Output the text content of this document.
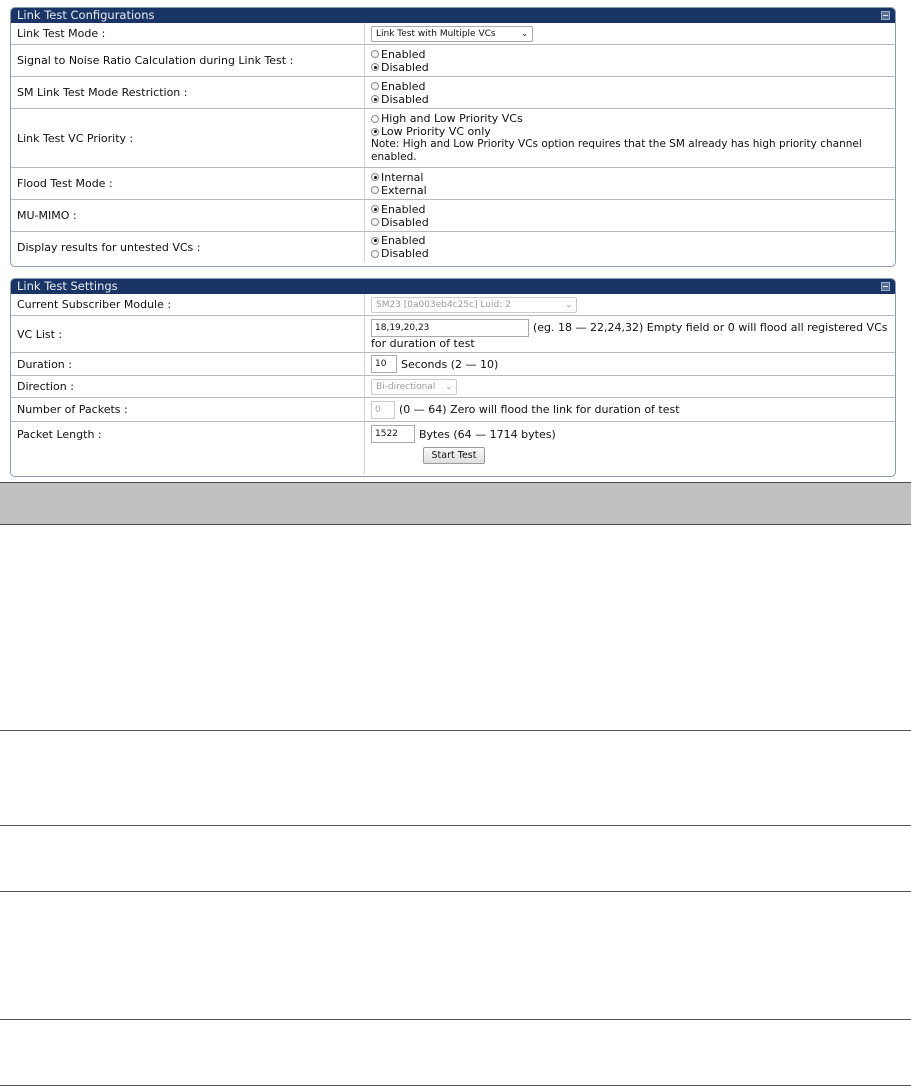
Link Test Configurations
Link Test Mode :	Link Test with Multiple VCs	⌄
Signal to Noise Ratio Calculation during Link Test :	Enabled
Disabled
SM Link Test Mode Restriction :	Enabled
Disabled
Link Test VC Priority :
High and Low Priority VCs
Low Priority VC only
Note: High and Low Priority VCs option requires that the SM already has high priority channel enabled.
Flood Test Mode :	Internal
External
MU-MIMO :	Enabled
Disabled
Display results for untested VCs :	Enabled
Disabled
Link Test Settings
Current Subscriber Module :	SM23 [0a003eb4c25c] Luid: 2	⌄
VC List :	18,19,20,23	(eg. 18 — 22,24,32) Empty field or 0 will flood all registered VCs
for duration of test
Duration :	10	Seconds (2 — 10)
Direction :	Bi-directional	⌄
Number of Packets :	0	(0 — 64) Zero will flood the link for duration of test
Packet Length :	1522	Bytes (64 — 1714 bytes)
Start Test
